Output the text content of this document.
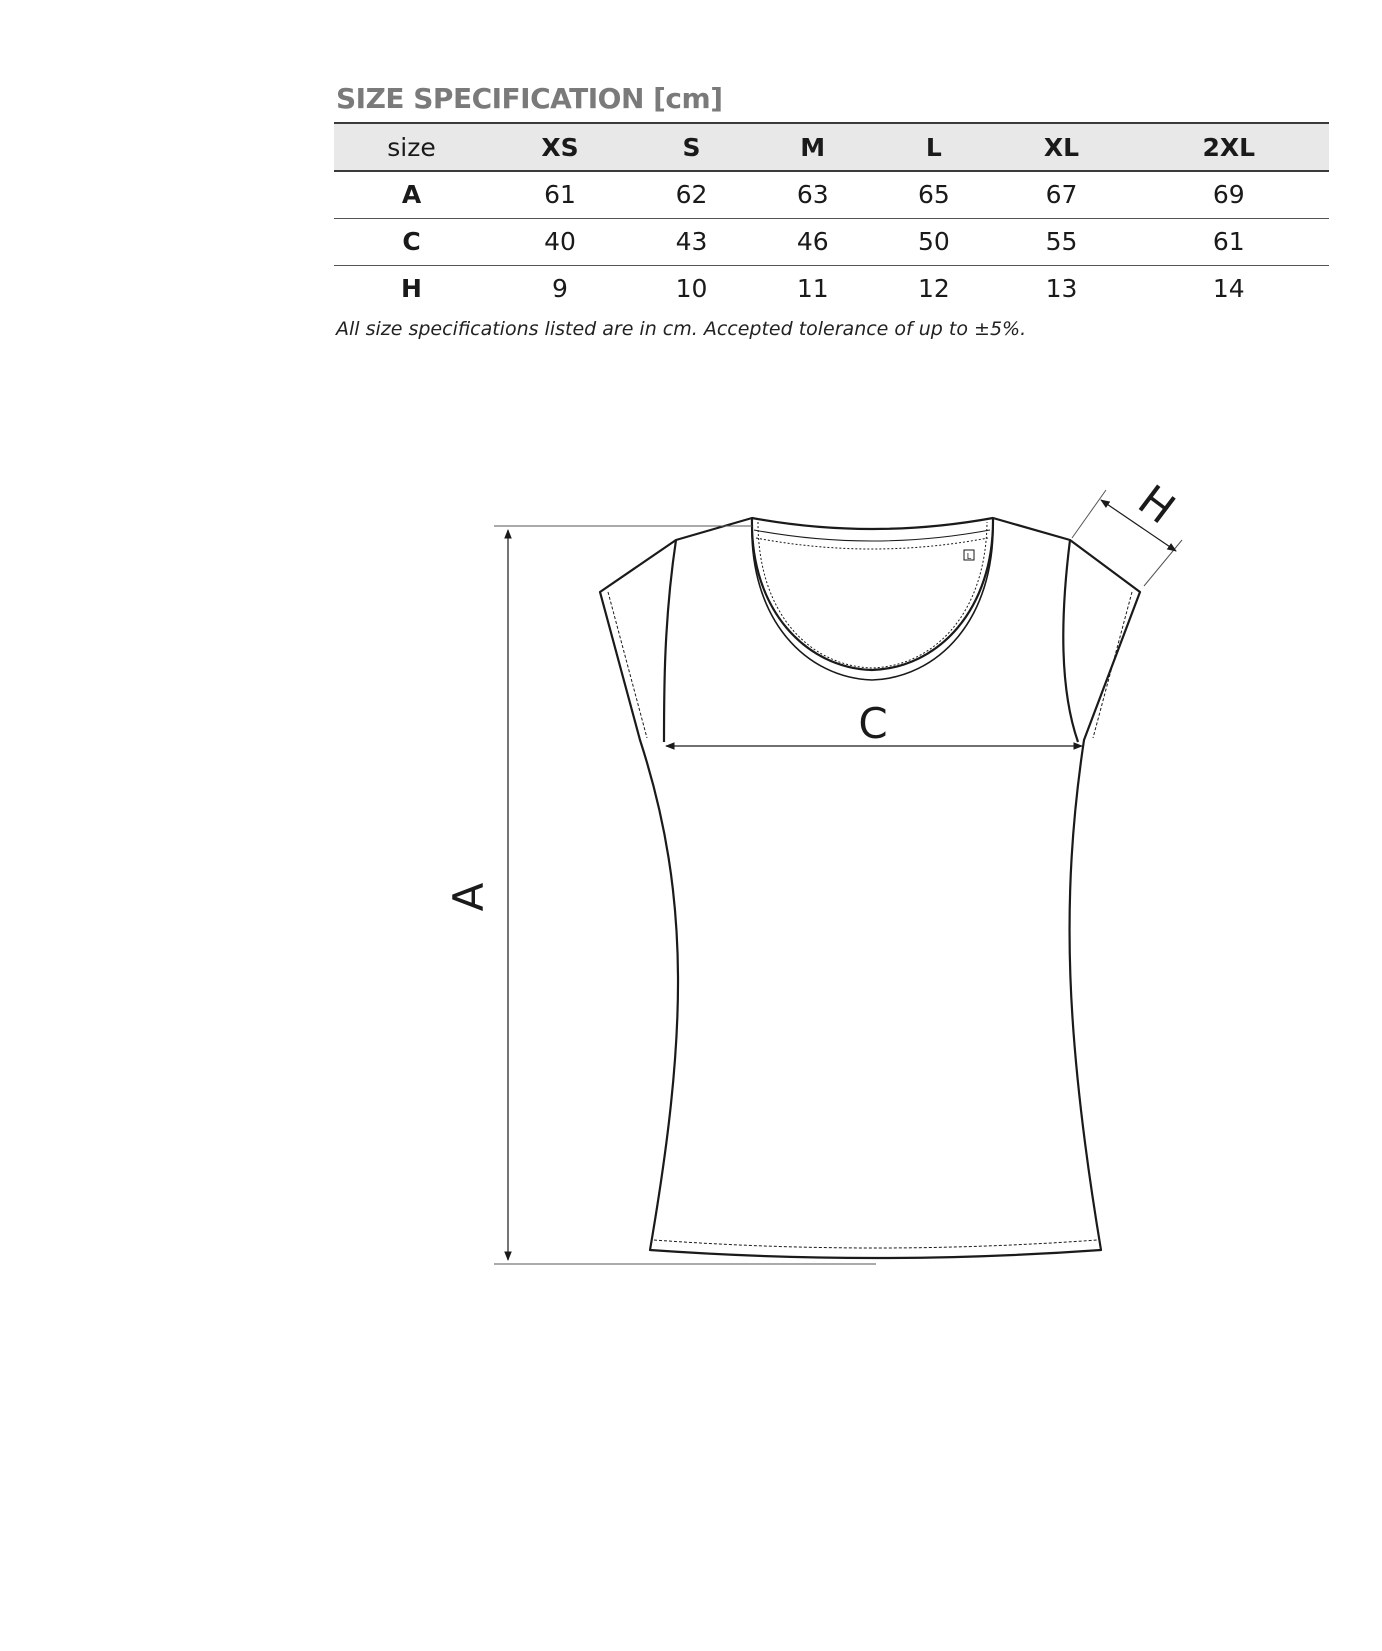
SIZE SPECIFICATION [cm]
size	XS	S	M	L	XL	2XL
A	61	62	63	65	67	69
C	40	43	46	50	55	61
H	9	10	11	12	13	14
All size specifications listed are in cm. Accepted tolerance of up to ±5%.
L
A
C
H
